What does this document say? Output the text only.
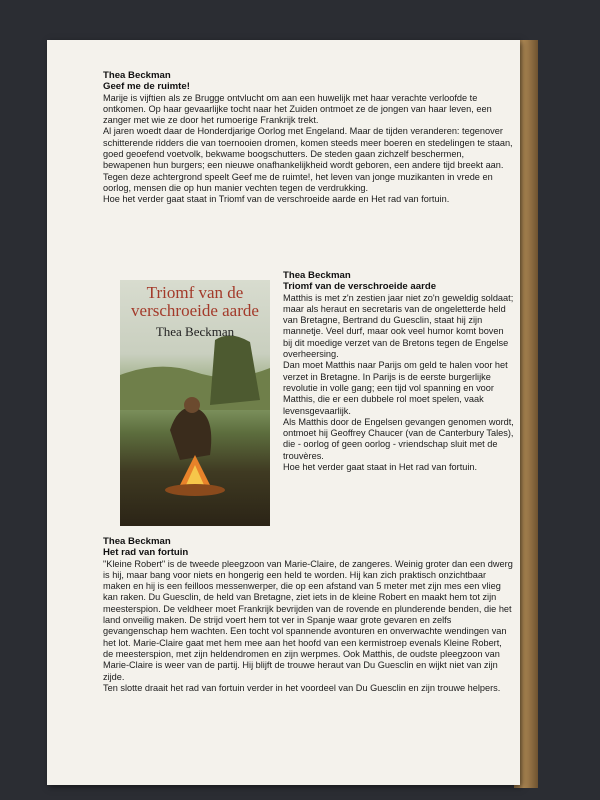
Thea Beckman

Geef me de ruimte!

Marije is vijftien als ze Brugge ontvlucht om aan een huwelijk met haar verachte verloofde te ontkomen. Op haar gevaarlijke tocht naar het Zuiden ontmoet ze de jongen van haar leven, een zanger met wie ze door het rumoerige Frankrijk trekt.

Al jaren woedt daar de Honderdjarige Oorlog met Engeland. Maar de tijden veranderen: tegenover schitterende ridders die van toernooien dromen, komen steeds meer boeren en stedelingen te staan, goed geoefend voetvolk, bekwame boogschutters. De steden gaan zichzelf beschermen, bewapenen hun burgers; een nieuwe onafhankelijkheid wordt geboren, een andere tijd breekt aan.

Tegen deze achtergrond speelt Geef me de ruimte!, het leven van jonge muzikanten in vrede en oorlog, mensen die op hun manier vechten tegen de verdrukking.

Hoe het verder gaat staat in Triomf van de verschroeide aarde en Het rad van fortuin.

Triomf van de verschroeide aarde
Thea Beckman

Thea Beckman

Triomf van de verschroeide aarde

Matthis is met z'n zestien jaar niet zo'n geweldig soldaat; maar als heraut en secretaris van de ongeletterde held van Bretagne, Bertrand du Guesclin, staat hij zijn mannetje. Veel durf, maar ook veel humor komt boven bij dit moedige verzet van de Bretons tegen de Engelse overheersing.

Dan moet Matthis naar Parijs om geld te halen voor het verzet in Bretagne. In Parijs is de eerste burgerlijke revolutie in volle gang; een tijd vol spanning en voor Matthis, die er een dubbele rol moet spelen, vaak levensgevaarlijk.

Als Matthis door de Engelsen gevangen genomen wordt, ontmoet hij Geoffrey Chaucer (van de Canterbury Tales), die - oorlog of geen oorlog - vriendschap sluit met de trouvères.

Hoe het verder gaat staat in Het rad van fortuin.

Thea Beckman

Het rad van fortuin

"Kleine Robert" is de tweede pleegzoon van Marie-Claire, de zangeres. Weinig groter dan een dwerg is hij, maar bang voor niets en hongerig een held te worden. Hij kan zich praktisch onzichtbaar maken en hij is een feilloos messenwerper, die op een afstand van 5 meter met zijn mes een vlieg kan raken. Du Guesclin, de held van Bretagne, ziet iets in de kleine Robert en maakt hem tot zijn meesterspion. De veldheer moet Frankrijk bevrijden van de rovende en plunderende benden, die het land onveilig maken. De strijd voert hem tot ver in Spanje waar grote gevaren en zelfs gevangenschap hem wachten. Een tocht vol spannende avonturen en onverwachte wendingen van het lot. Marie-Claire gaat met hem mee aan het hoofd van een kermistroep evenals Kleine Robert, de meesterspion, met zijn heldendromen en zijn werpmes. Ook Matthis, de oudste pleegzoon van Marie-Claire is weer van de partij. Hij blijft de trouwe heraut van Du Guesclin en wijkt niet van zijn zijde.

Ten slotte draait het rad van fortuin verder in het voordeel van Du Guesclin en zijn trouwe helpers.
